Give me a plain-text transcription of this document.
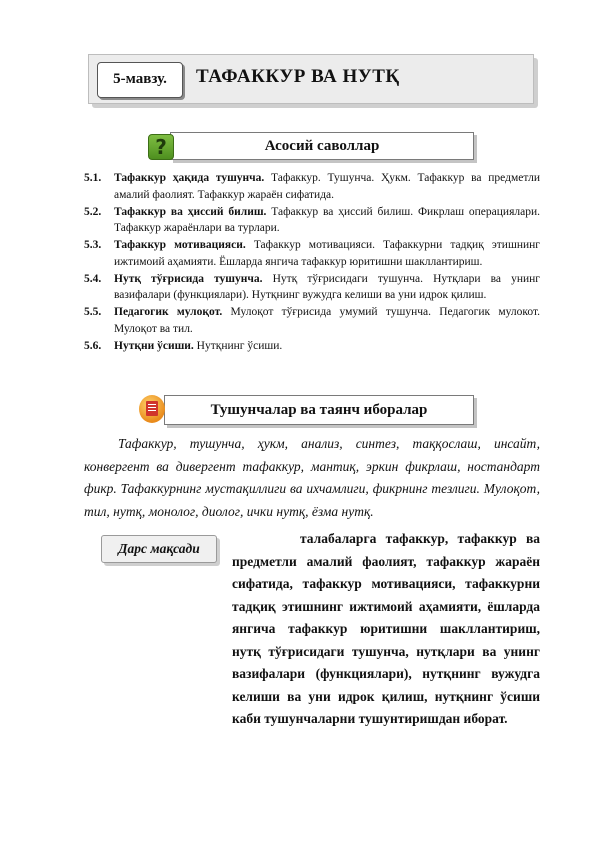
5-мавзу.	ТАФАККУР ВА НУТҚ
Асосий саволлар
?
5.1. Тафаккур ҳақида тушунча. Тафаккур. Тушунча. Ҳукм. Тафаккур ва предметли амалий фаолият. Тафаккур жараён сифатида.
5.2. Тафаккур ва ҳиссий билиш. Тафаккур ва ҳиссий билиш. Фикрлаш операциялари. Тафаккур жараёнлари ва турлари.
5.3. Тафаккур мотивацияси. Тафаккур мотивацияси. Тафаккурни тадқиқ этишнинг ижтимоий аҳамияти. Ёшларда янгича тафаккур юритишни шакллантириш.
5.4. Нутқ тўғрисида тушунча. Нутқ тўғрисидаги тушунча. Нутқлари ва унинг вазифалари (функциялари). Нутқнинг вужудга келиши ва уни идрок қилиш.
5.5. Педагогик мулоқот. Мулоқот тўғрисида умумий тушунча. Педагогик мулокот. Мулоқот ва тил.
5.6. Нутқни ўсиши. Нутқнинг ўсиши.
Тушунчалар ва таянч иборалар
Тафаккур, тушунча, ҳукм, анализ, синтез, таққослаш, инсайт, конвергент ва дивергент тафаккур, мантиқ, эркин фикрлаш, нoстандарт фикр. Тафаккурнинг мустақиллиги ва ихчамлиги, фикрнинг тезлиги. Мулоқот, тил, нутқ, монолог, диолог, ички нутқ, ёзма нутқ.
Дарс мақсади
талабаларга тафаккур, тафаккур ва предметли амалий фаолият, тафаккур жараён сифатида, тафаккур мотивацияси, тафаккурни тадқиқ этишнинг ижтимоий аҳамияти, ёшларда янгича тафаккур юритишни шакллантириш, нутқ тўғрисидаги тушунча, нутқлари ва унинг вазифалари (функциялари), нутқнинг вужудга келиши ва уни идрок қилиш, нутқнинг ўсиши каби тушунчаларни тушунтиришдан иборат.
